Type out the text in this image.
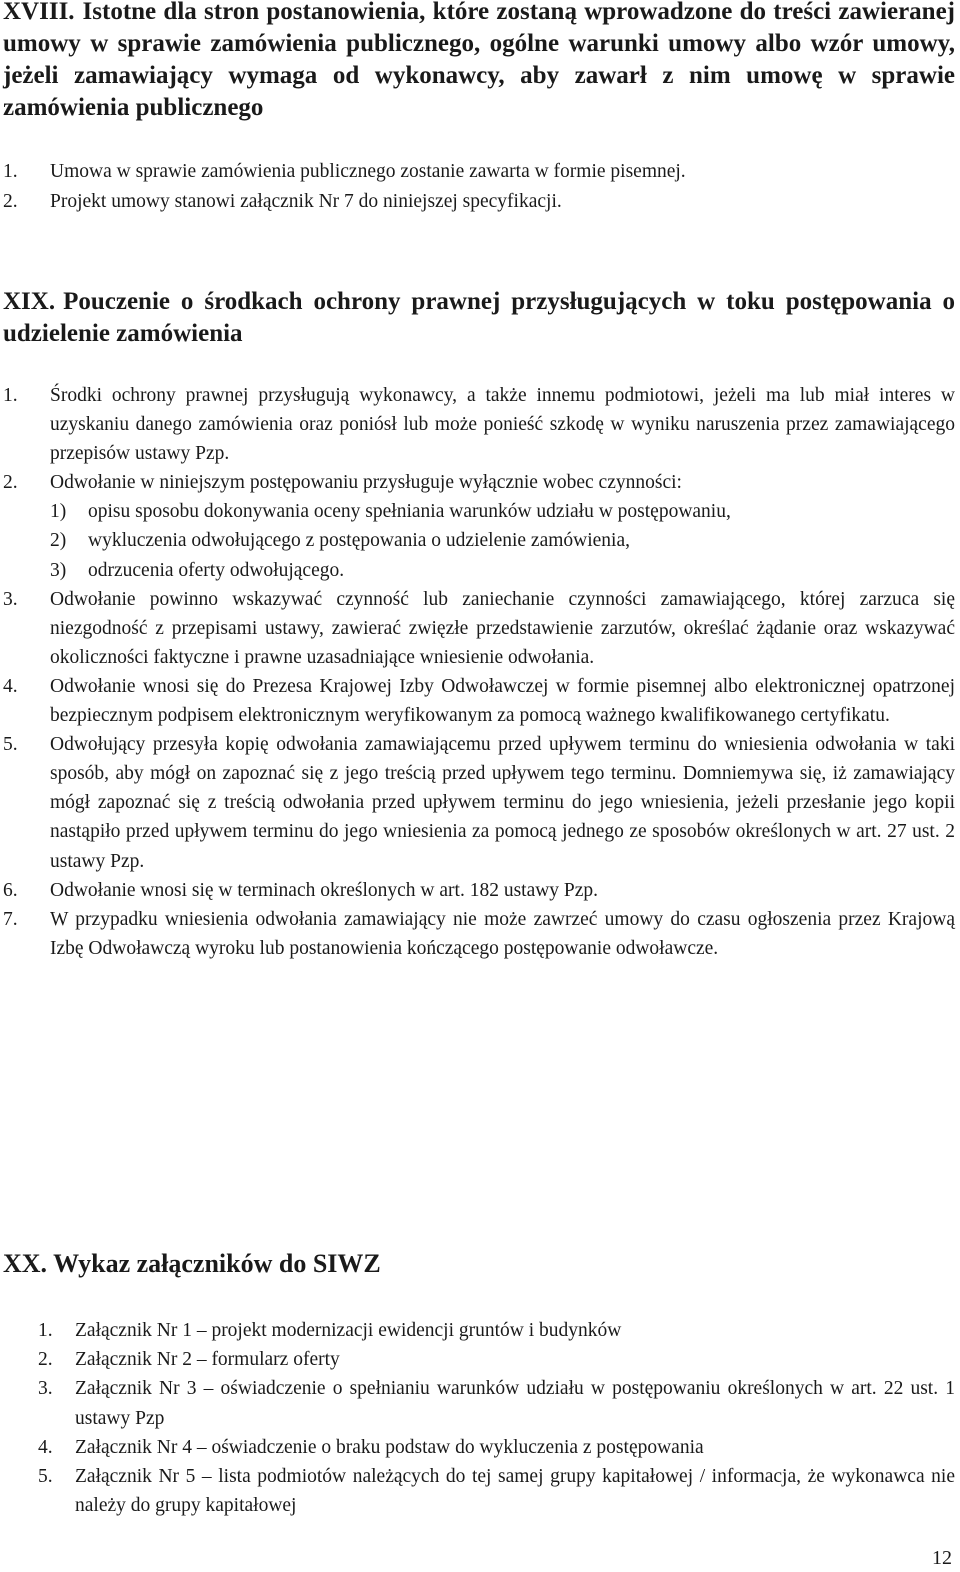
XVIII. Istotne dla stron postanowienia, które zostaną wprowadzone do treści zawieranej umowy w sprawie zamówienia publicznego, ogólne warunki umowy albo wzór umowy, jeżeli zamawiający wymaga od wykonawcy, aby zawarł z nim umowę w sprawie zamówienia publicznego
1. Umowa w sprawie zamówienia publicznego zostanie zawarta w formie pisemnej.
2. Projekt umowy stanowi załącznik Nr 7 do niniejszej specyfikacji.
XIX. Pouczenie o środkach ochrony prawnej przysługujących w toku postępowania o udzielenie zamówienia
1. Środki ochrony prawnej przysługują wykonawcy, a także innemu podmiotowi, jeżeli ma lub miał interes w uzyskaniu danego zamówienia oraz poniósł lub może ponieść szkodę w wyniku naruszenia przez zamawiającego przepisów ustawy Pzp.
2. Odwołanie w niniejszym postępowaniu przysługuje wyłącznie wobec czynności:
1)	opisu sposobu dokonywania oceny spełniania warunków udziału w postępowaniu,
2)	wykluczenia odwołującego z postępowania o udzielenie zamówienia,
3)	odrzucenia oferty odwołującego.
3. Odwołanie powinno wskazywać czynność lub zaniechanie czynności zamawiającego, której zarzuca się niezgodność z przepisami ustawy, zawierać zwięzłe przedstawienie zarzutów, określać żądanie oraz wskazywać okoliczności faktyczne i prawne uzasadniające wniesienie odwołania.
4. Odwołanie wnosi się do Prezesa Krajowej Izby Odwoławczej w formie pisemnej albo elektronicznej opatrzonej bezpiecznym podpisem elektronicznym weryfikowanym za pomocą ważnego kwalifikowanego certyfikatu.
5. Odwołujący przesyła kopię odwołania zamawiającemu przed upływem terminu do wniesienia odwołania w taki sposób, aby mógł on zapoznać się z jego treścią przed upływem tego terminu. Domniemywa się, iż zamawiający mógł zapoznać się z treścią odwołania przed upływem terminu do jego wniesienia, jeżeli przesłanie jego kopii nastąpiło przed upływem terminu do jego wniesienia za pomocą jednego ze sposobów określonych w art. 27 ust. 2 ustawy Pzp.
6. Odwołanie wnosi się w terminach określonych w art. 182 ustawy Pzp.
7. W przypadku wniesienia odwołania zamawiający nie może zawrzeć umowy do czasu ogłoszenia przez Krajową Izbę Odwoławczą wyroku lub postanowienia kończącego postępowanie odwoławcze.
XX. Wykaz załączników do SIWZ
1. Załącznik Nr 1 – projekt modernizacji ewidencji gruntów i budynków
2. Załącznik Nr 2 – formularz oferty
3. Załącznik Nr 3 – oświadczenie o spełnianiu warunków udziału w postępowaniu określonych w art. 22 ust. 1 ustawy Pzp
4. Załącznik Nr 4 – oświadczenie o braku podstaw do wykluczenia z postępowania
5. Załącznik Nr 5 – lista podmiotów należących do tej samej grupy kapitałowej / informacja, że wykonawca nie należy do grupy kapitałowej
12
